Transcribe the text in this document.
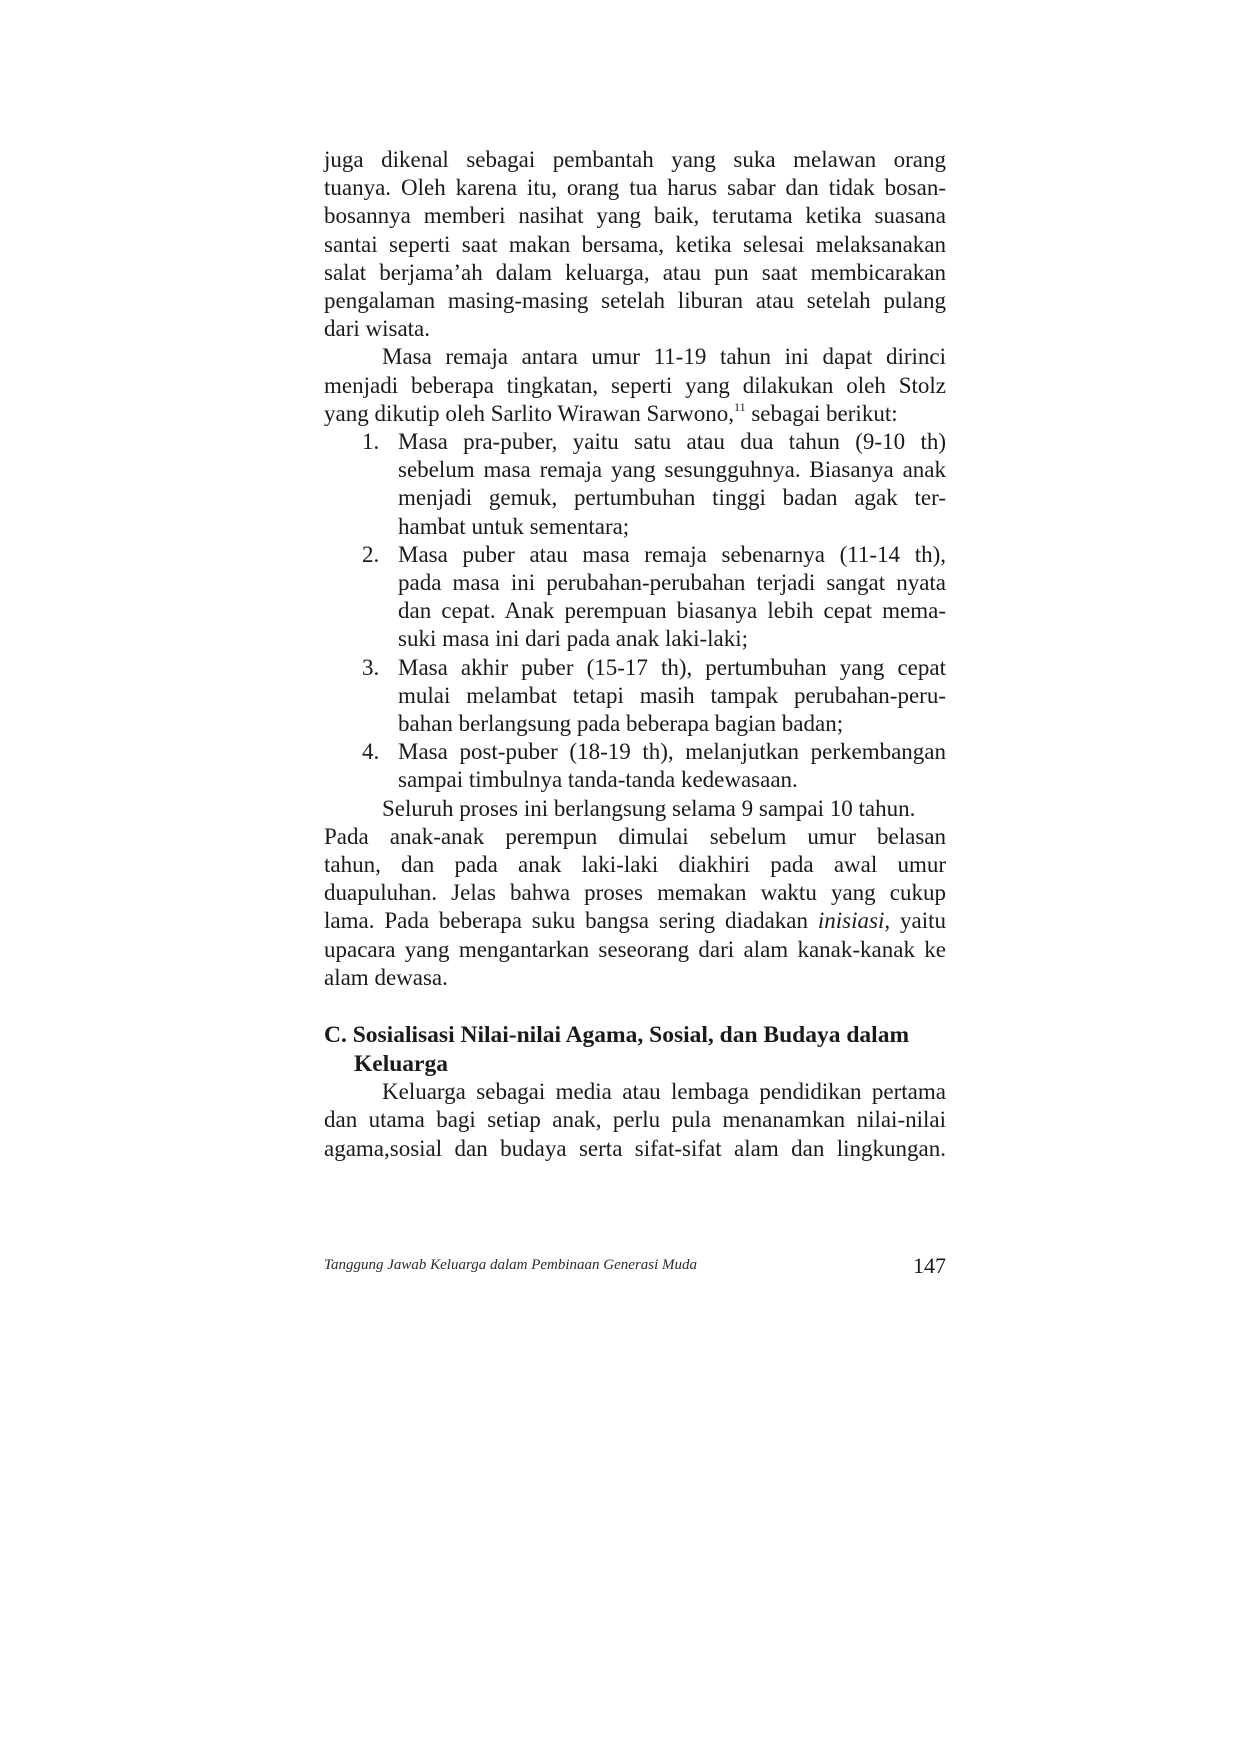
juga dikenal sebagai pembantah yang suka melawan orang
tuanya. Oleh karena itu, orang tua harus sabar dan tidak bosan-
bosannya memberi nasihat yang baik, terutama ketika suasana
santai seperti saat makan bersama, ketika selesai melaksanakan
salat berjama’ah dalam keluarga, atau pun saat membicarakan
pengalaman masing-masing setelah liburan atau setelah pulang
dari wisata.

Masa remaja antara umur 11-19 tahun ini dapat dirinci
menjadi beberapa tingkatan, seperti yang dilakukan oleh Stolz
yang dikutip oleh Sarlito Wirawan Sarwono,$^{11}$ sebagai berikut:

1. Masa pra-puber, yaitu satu atau dua tahun (9-10 th)
sebelum masa remaja yang sesungguhnya. Biasanya anak
menjadi gemuk, pertumbuhan tinggi badan agak ter-
hambat untuk sementara;
2. Masa puber atau masa remaja sebenarnya (11-14 th),
pada masa ini perubahan-perubahan terjadi sangat nyata
dan cepat. Anak perempuan biasanya lebih cepat mema-
suki masa ini dari pada anak laki-laki;
3. Masa akhir puber (15-17 th), pertumbuhan yang cepat
mulai melambat tetapi masih tampak perubahan-peru-
bahan berlangsung pada beberapa bagian badan;
4. Masa post-puber (18-19 th), melanjutkan perkembangan
sampai timbulnya tanda-tanda kedewasaan.

Seluruh proses ini berlangsung selama 9 sampai 10 tahun.
Pada anak-anak perempun dimulai sebelum umur belasan
tahun, dan pada anak laki-laki diakhiri pada awal umur
duapuluhan. Jelas bahwa proses memakan waktu yang cukup
lama. Pada beberapa suku bangsa sering diadakan inisiasi, yaitu
upacara yang mengantarkan seseorang dari alam kanak-kanak ke
alam dewasa.

C. Sosialisasi Nilai-nilai Agama, Sosial, dan Budaya dalam
Keluarga

Keluarga sebagai media atau lembaga pendidikan pertama
dan utama bagi setiap anak, perlu pula menanamkan nilai-nilai
agama,sosial dan budaya serta sifat-sifat alam dan lingkungan.

Tanggung Jawab Keluarga dalam Pembinaan Generasi Muda	147
